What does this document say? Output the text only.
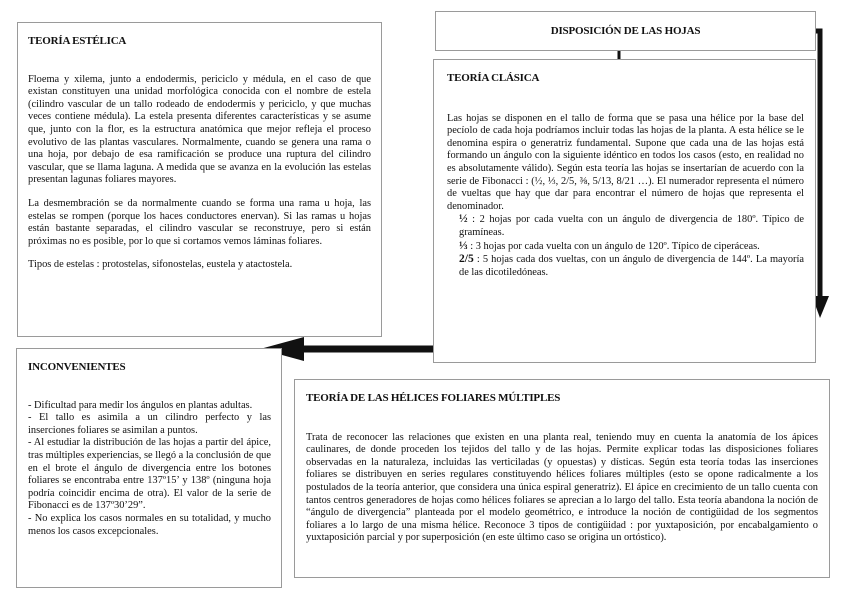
TEORÍA ESTÉLICA

Floema y xilema, junto a endodermis, periciclo y médula, en el caso de que existan constituyen una unidad morfológica conocida con el nombre de estela (cilindro vascular de un tallo rodeado de endodermis y periciclo, y que muchas veces contiene médula). La estela presenta diferentes características y se asume que, junto con la flor, es la estructura anatómica que mejor refleja el proceso evolutivo de las plantas vasculares. Normalmente, cuando se genera una rama o una hoja, por debajo de esa ramificación se produce una ruptura del cilindro vascular, que se llama laguna. A medida que se avanza en la evolución las estelas presentan lagunas foliares mayores.

La desmembración se da normalmente cuando se forma una rama u hoja, las estelas se rompen (porque los haces conductores enervan). Si las ramas u hojas están bastante separadas, el cilindro vascular se reconstruye, pero si están próximas no es posible, por lo que si cortamos vemos láminas foliares.

Tipos de estelas : protostelas, sifonostelas, eustela y atactostela.

DISPOSICIÓN DE LAS HOJAS
TEORÍA CLÁSICA

Las hojas se disponen en el tallo de forma que se pasa una hélice por la base del pecíolo de cada hoja podríamos incluir todas las hojas de la planta. A esta hélice se le denomina espira o generatriz fundamental. Supone que cada una de las hojas está formando un ángulo con la siguiente idéntico en todos los casos (esto, en realidad no es absolutamente válido). Según esta teoría las hojas se insertarían de acuerdo con la serie de Fibonacci : (½, ⅓, 2/5, ⅜, 5/13, 8/21 …). El numerador representa el número de vueltas que hay que dar para encontrar el número de hojas que representa el denominador.

½ : 2 hojas por cada vuelta con un ángulo de divergencia de 180º. Típico de gramíneas.
⅓ : 3 hojas por cada vuelta con un ángulo de 120º. Típico de ciperáceas.
2/5 : 5 hojas cada dos vueltas, con un ángulo de divergencia de 144º. La mayoría de las dicotiledóneas.
INCONVENIENTES

- Dificultad para medir los ángulos en plantas adultas.

- El tallo es asimila a un cilindro perfecto y las inserciones foliares se asimilan a puntos.

- Al estudiar la distribución de las hojas a partir del ápice, tras múltiples experiencias, se llegó a la conclusión de que en el brote el ángulo de divergencia entre los botones foliares se encontraba entre 137º15’ y 138º (ninguna hoja podría coincidir encima de otra). El valor de la serie de Fibonacci es de 137º30’29”.

- No explica los casos normales en su totalidad, y mucho menos los casos excepcionales.

TEORÍA DE LAS HÉLICES FOLIARES MÚLTIPLES

Trata de reconocer las relaciones que existen en una planta real, teniendo muy en cuenta la anatomía de los ápices caulinares, de donde proceden los tejidos del tallo y de las hojas. Permite explicar todas las disposiciones foliares observadas en la naturaleza, incluidas las verticiladas (y opuestas) y dísticas. Según esta teoría todas las inserciones foliares se distribuyen en series regulares constituyendo hélices foliares múltiples (esto se opone radicalmente a los postulados de la teoría anterior, que considera una única espiral generatriz). El ápice en crecimiento de un tallo cuenta con tantos centros generadores de hojas como hélices foliares se aprecian a lo largo del tallo. Esta teoría abandona la noción de “ángulo de divergencia” planteada por el modelo geométrico, e introduce la noción de contigüidad de los segmentos foliares a lo largo de una misma hélice. Reconoce 3 tipos de contigüidad : por yuxtaposición, por encabalgamiento o yuxtaposición parcial y por superposición (en este último caso se origina un ortóstico).
